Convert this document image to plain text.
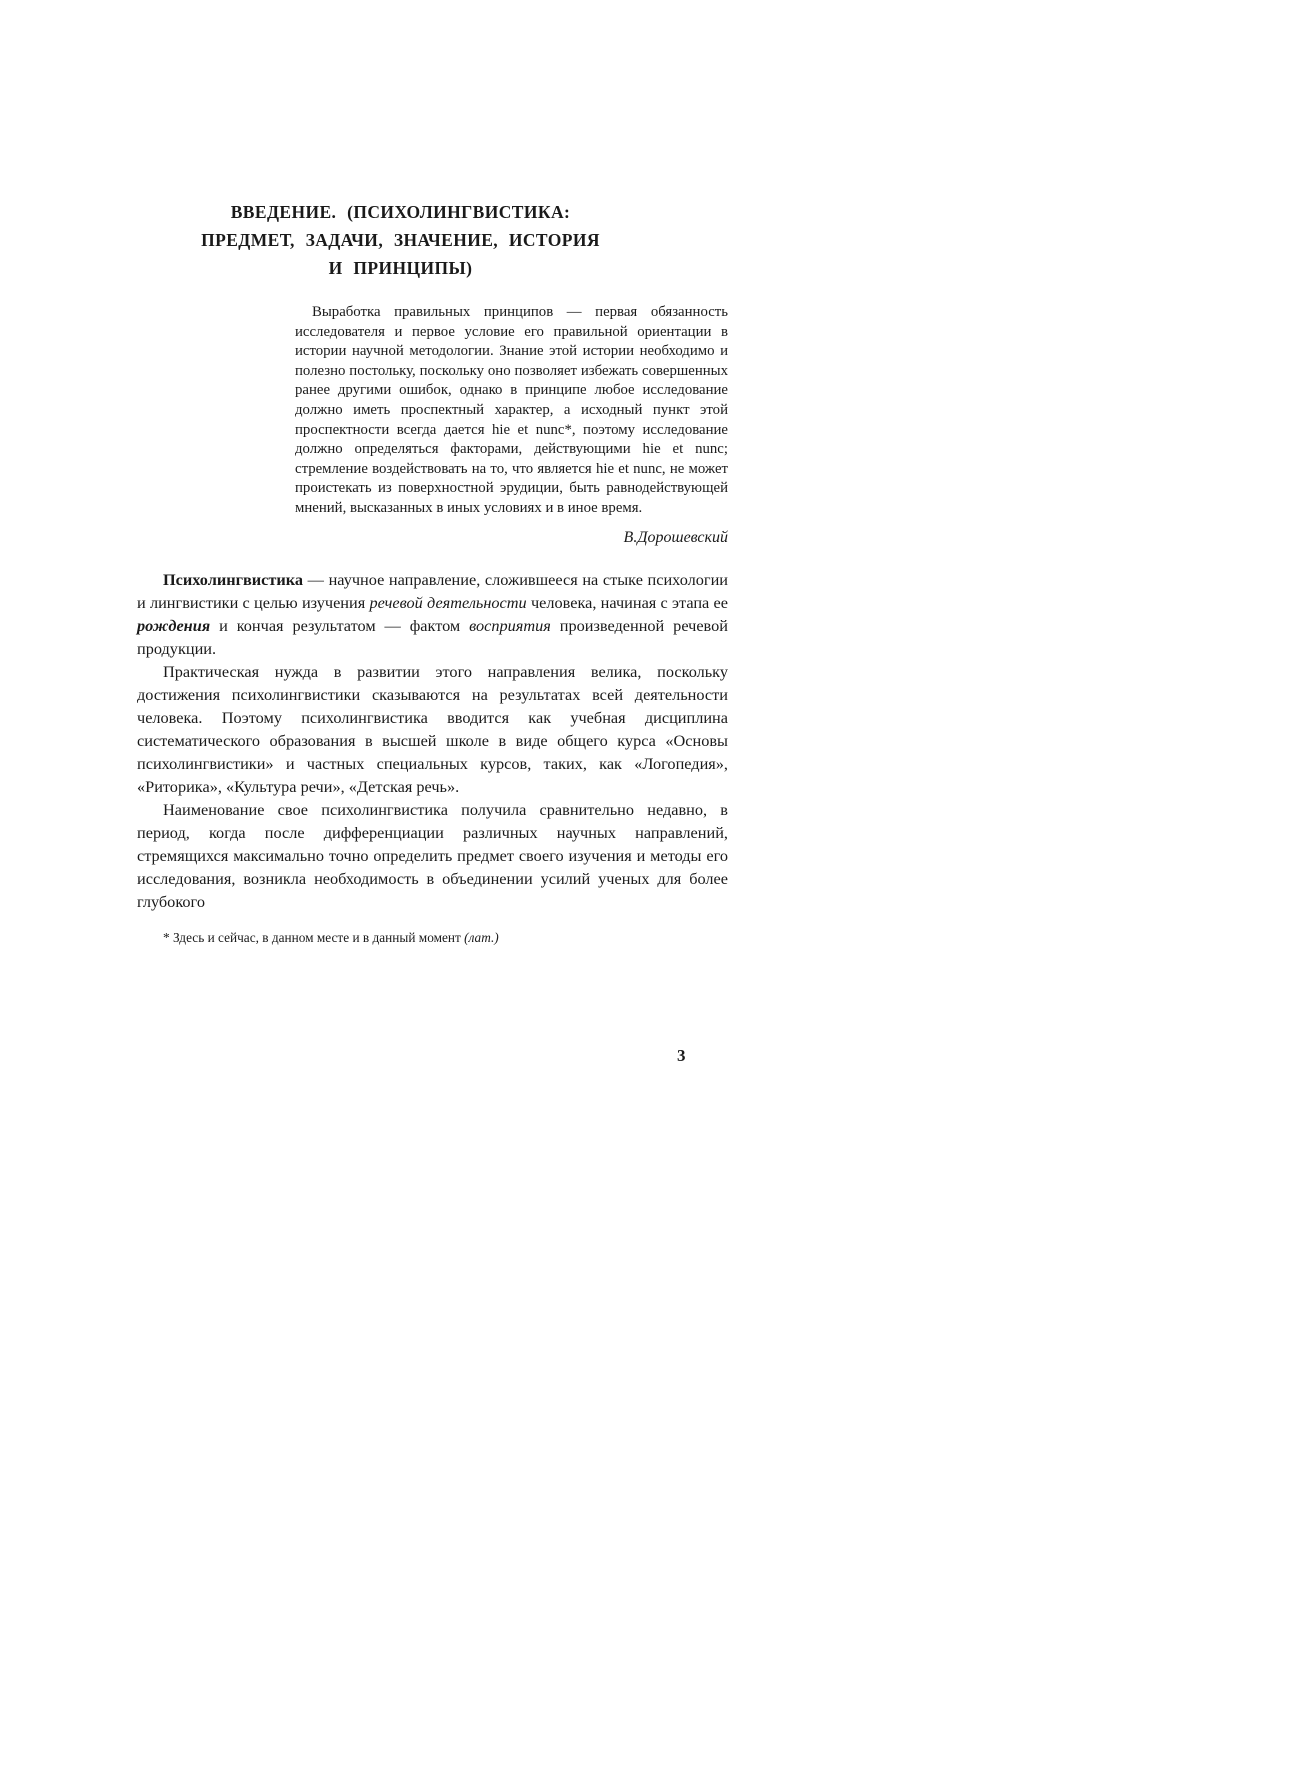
ВВЕДЕНИЕ. (ПСИХОЛИНГВИСТИКА:
ПРЕДМЕТ, ЗАДАЧИ, ЗНАЧЕНИЕ, ИСТОРИЯ
И ПРИНЦИПЫ)

Выработка правильных принципов — первая обязанность исследователя и первое условие его правильной ориентации в истории научной методологии. Знание этой истории необходимо и полезно постольку, поскольку оно позволяет избежать совершенных ранее другими ошибок, однако в принципе любое исследование должно иметь проспектный характер, а исходный пункт этой проспектности всегда дается hie et nunc*, поэтому исследование должно определяться факторами, действующими hie et nunc; стремление воздействовать на то, что является hie et nunc, не может проистекать из поверхностной эрудиции, быть равнодействующей мнений, высказанных в иных условиях и в иное время.

В.Дорошевский

Психолингвистика — научное направление, сложившееся на стыке психологии и лингвистики с целью изучения речевой деятельности человека, начиная с этапа ее рождения и кончая результатом — фактом восприятия произведенной речевой продукции.

Практическая нужда в развитии этого направления велика, поскольку достижения психолингвистики сказываются на результатах всей деятельности человека. Поэтому психолингвистика вводится как учебная дисциплина систематического образования в высшей школе в виде общего курса «Основы психолингвистики» и частных специальных курсов, таких, как «Логопедия», «Риторика», «Культура речи», «Детская речь».

Наименование свое психолингвистика получила сравнительно недавно, в период, когда после дифференциации различных научных направлений, стремящихся максимально точно определить предмет своего изучения и методы его исследования, возникла необходимость в объединении усилий ученых для более глубокого

* Здесь и сейчас, в данном месте и в данный момент (лат.)
3
